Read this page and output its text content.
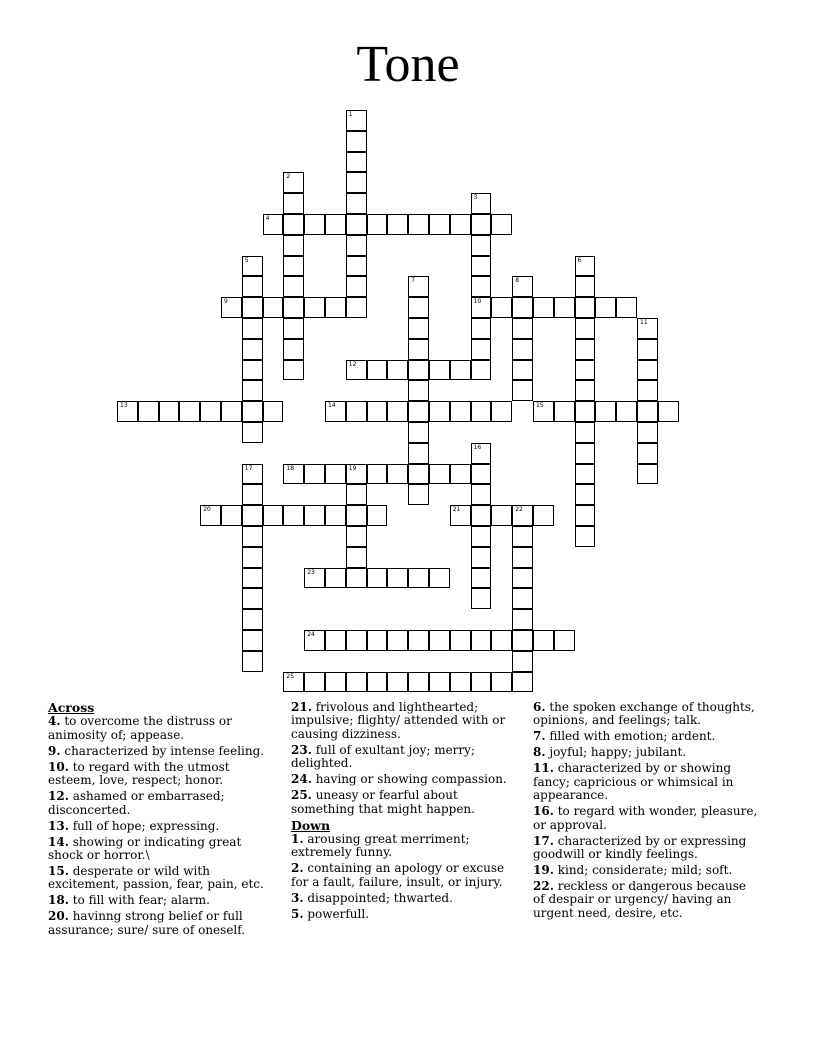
Tone
1
2
3
10
4
5	6
7	8
9
11
12
13	14	15
16
17	18	19
20	21	22
23
24
25
Across
4. to overcome the distruss or animosity of; appease.
9. characterized by intense feeling.
10. to regard with the utmost esteem, love, respect; honor.
12. ashamed or embarrased; disconcerted.
13. full of hope; expressing.
14. showing or indicating great shock or horror.\
15. desperate or wild with excitement, passion, fear, pain, etc.
18. to fill with fear; alarm.
20. havinng strong belief or full assurance; sure/ sure of oneself.
21. frivolous and lighthearted; impulsive; flighty/ attended with or causing dizziness.
23. full of exultant joy; merry; delighted.
24. having or showing compassion.
25. uneasy or fearful about something that might happen.
Down
1. arousing great merriment; extremely funny.
2. containing an apology or excuse for a fault, failure, insult, or injury.
3. disappointed; thwarted.
5. powerfull.
6. the spoken exchange of thoughts, opinions, and feelings; talk.
7. filled with emotion; ardent.
8. joyful; happy; jubilant.
11. characterized by or showing fancy; capricious or whimsical in appearance.
16. to regard with wonder, pleasure, or approval.
17. characterized by or expressing goodwill or kindly feelings.
19. kind; considerate; mild; soft.
22. reckless or dangerous because of despair or urgency/ having an urgent need, desire, etc.
